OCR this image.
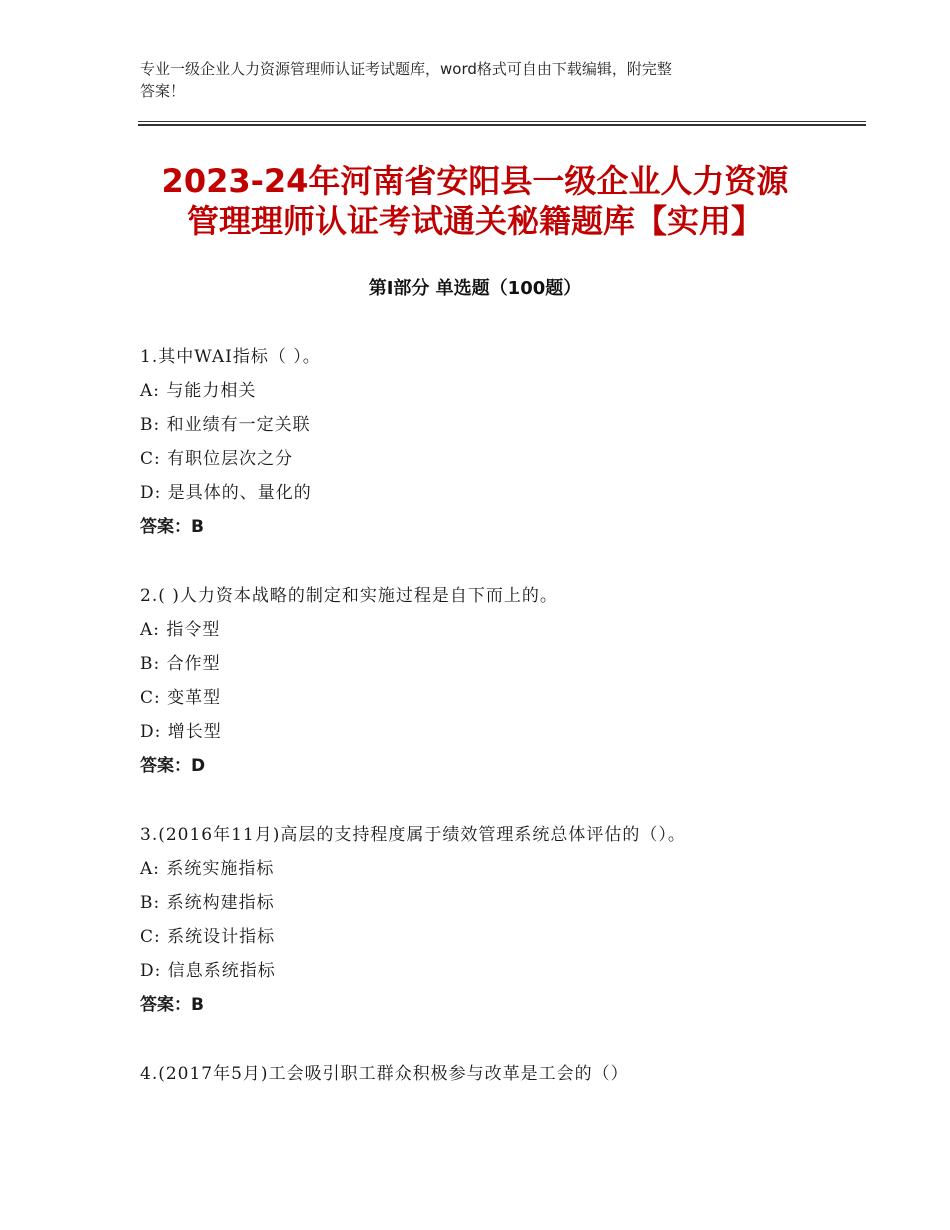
专业一级企业人力资源管理师认证考试题库，word格式可自由下载编辑，附完整
答案！
2023-24年河南省安阳县一级企业人力资源
管理理师认证考试通关秘籍题库【实用】
第Ⅰ部分 单选题（100题）
1.其中WAI指标（ ）。
A: 与能力相关
B: 和业绩有一定关联
C: 有职位层次之分
D: 是具体的、量化的
答案：B
2.( )人力资本战略的制定和实施过程是自下而上的。
A: 指令型
B: 合作型
C: 变革型
D: 增长型
答案：D
3.(2016年11月)高层的支持程度属于绩效管理系统总体评估的（）。
A: 系统实施指标
B: 系统构建指标
C: 系统设计指标
D: 信息系统指标
答案：B
4.(2017年5月)工会吸引职工群众积极参与改革是工会的（）
